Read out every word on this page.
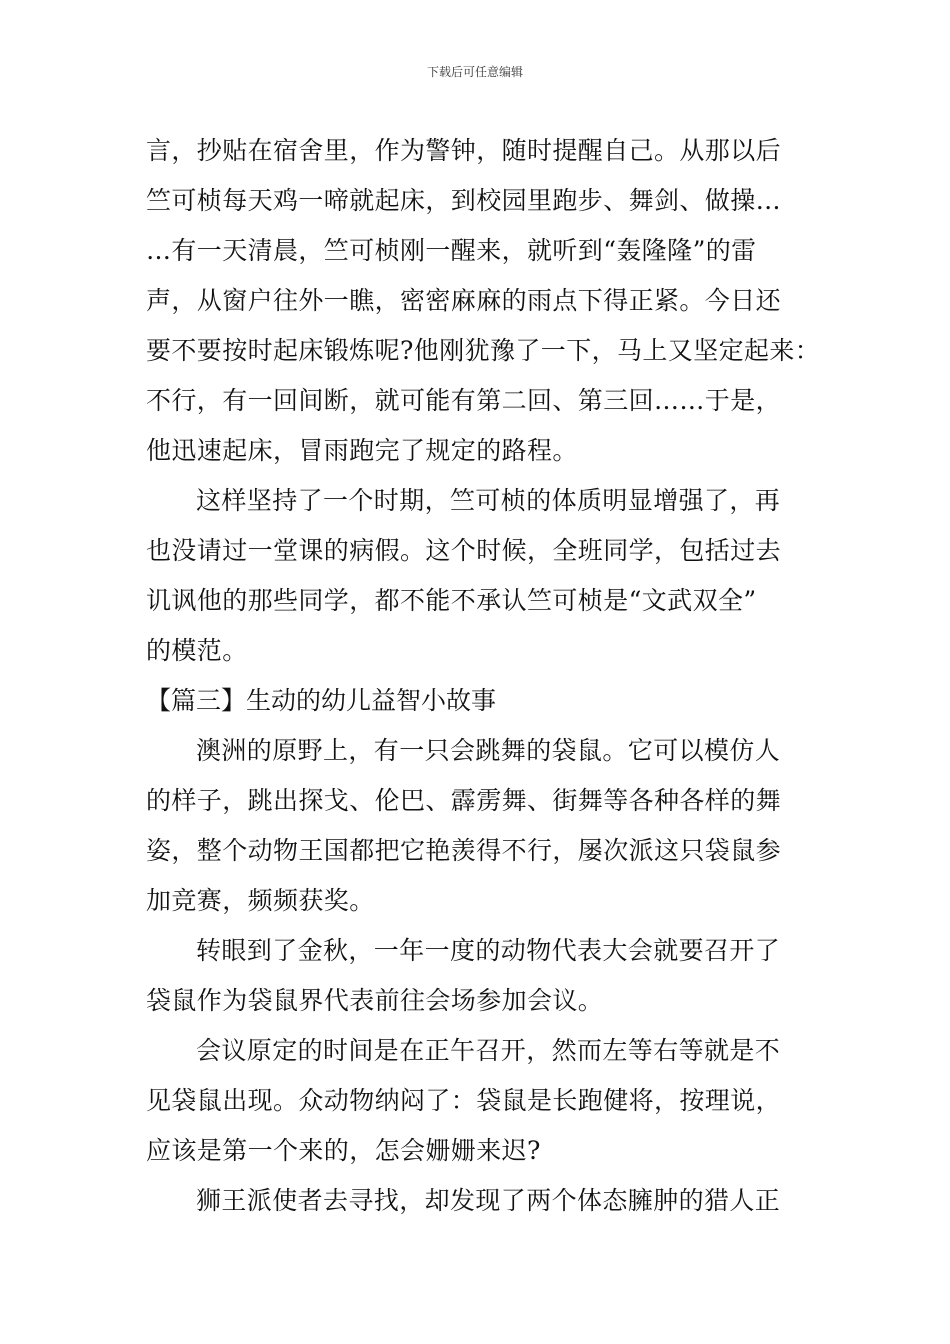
下载后可任意编辑
言，抄贴在宿舍里，作为警钟，随时提醒自己。从那以后
竺可桢每天鸡一啼就起床，到校园里跑步、舞剑、做操…
…有一天清晨，竺可桢刚一醒来，就听到“轰隆隆”的雷
声，从窗户往外一瞧，密密麻麻的雨点下得正紧。今日还
要不要按时起床锻炼呢?他刚犹豫了一下，马上又坚定起来：
不行，有一回间断，就可能有第二回、第三回……于是，
他迅速起床，冒雨跑完了规定的路程。
这样坚持了一个时期，竺可桢的体质明显增强了，再
也没请过一堂课的病假。这个时候，全班同学，包括过去
讥讽他的那些同学，都不能不承认竺可桢是“文武双全”
的模范。
【篇三】生动的幼儿益智小故事
澳洲的原野上，有一只会跳舞的袋鼠。它可以模仿人
的样子，跳出探戈、伦巴、霹雳舞、街舞等各种各样的舞
姿，整个动物王国都把它艳羡得不行，屡次派这只袋鼠参
加竞赛，频频获奖。
转眼到了金秋，一年一度的动物代表大会就要召开了
袋鼠作为袋鼠界代表前往会场参加会议。
会议原定的时间是在正午召开，然而左等右等就是不
见袋鼠出现。众动物纳闷了：袋鼠是长跑健将，按理说，
应该是第一个来的，怎会姗姗来迟?
狮王派使者去寻找，却发现了两个体态臃肿的猎人正
